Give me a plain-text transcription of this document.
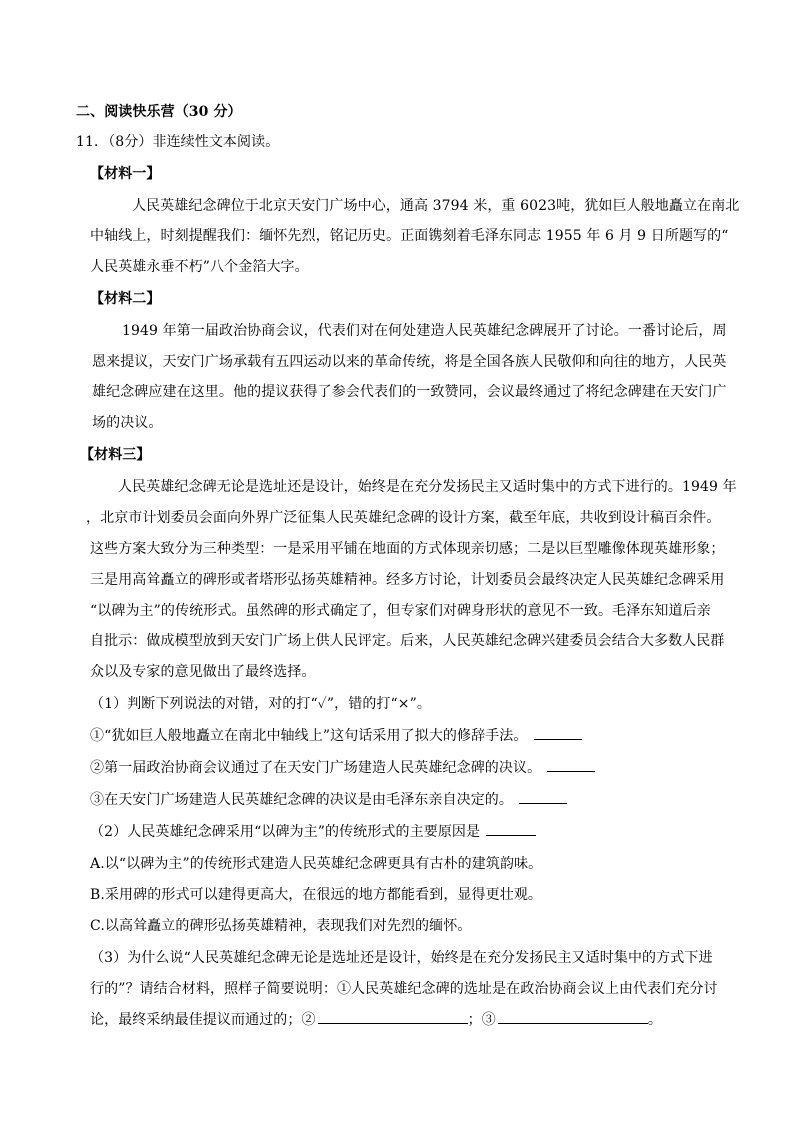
二、阅读快乐营（30 分）
11．（8分）非连续性文本阅读。
【材料一】
人民英雄纪念碑位于北京天安门广场中心，通高 3794 米，重 6023吨，犹如巨人般地矗立在南北
中轴线上，时刻提醒我们：缅怀先烈，铭记历史。正面镌刻着毛泽东同志 1955 年 6 月 9 日所题写的“
人民英雄永垂不朽”八个金箔大字。
【材料二】
1949 年第一届政治协商会议，代表们对在何处建造人民英雄纪念碑展开了讨论。一番讨论后，周
恩来提议，天安门广场承载有五四运动以来的革命传统，将是全国各族人民敬仰和向往的地方，人民英
雄纪念碑应建在这里。他的提议获得了参会代表们的一致赞同，会议最终通过了将纪念碑建在天安门广
场的决议。
【材料三】
人民英雄纪念碑无论是选址还是设计，始终是在充分发扬民主又适时集中的方式下进行的。1949 年
，北京市计划委员会面向外界广泛征集人民英雄纪念碑的设计方案，截至年底，共收到设计稿百余件。
这些方案大致分为三种类型：一是采用平铺在地面的方式体现亲切感；二是以巨型雕像体现英雄形象；
三是用高耸矗立的碑形或者塔形弘扬英雄精神。经多方讨论，计划委员会最终决定人民英雄纪念碑采用
“以碑为主”的传统形式。虽然碑的形式确定了，但专家们对碑身形状的意见不一致。毛泽东知道后亲
自批示：做成模型放到天安门广场上供人民评定。后来，人民英雄纪念碑兴建委员会结合大多数人民群
众以及专家的意见做出了最终选择。
（1）判断下列说法的对错，对的打“✓”，错的打“×”。
①“犹如巨人般地矗立在南北中轴线上”这句话采用了拟大的修辞手法。
②第一届政治协商会议通过了在天安门广场建造人民英雄纪念碑的决议。
③在天安门广场建造人民英雄纪念碑的决议是由毛泽东亲自决定的。
（2）人民英雄纪念碑采用“以碑为主”的传统形式的主要原因是
A.以“以碑为主”的传统形式建造人民英雄纪念碑更具有古朴的建筑韵味。
B.采用碑的形式可以建得更高大，在很远的地方都能看到，显得更壮观。
C.以高耸矗立的碑形弘扬英雄精神，表现我们对先烈的缅怀。
（3）为什么说“人民英雄纪念碑无论是选址还是设计，始终是在充分发扬民主又适时集中的方式下进
行的”？请结合材料，照样子简要说明：①人民英雄纪念碑的选址是在政治协商会议上由代表们充分讨
论，最终采纳最佳提议而通过的；②	；③	。
